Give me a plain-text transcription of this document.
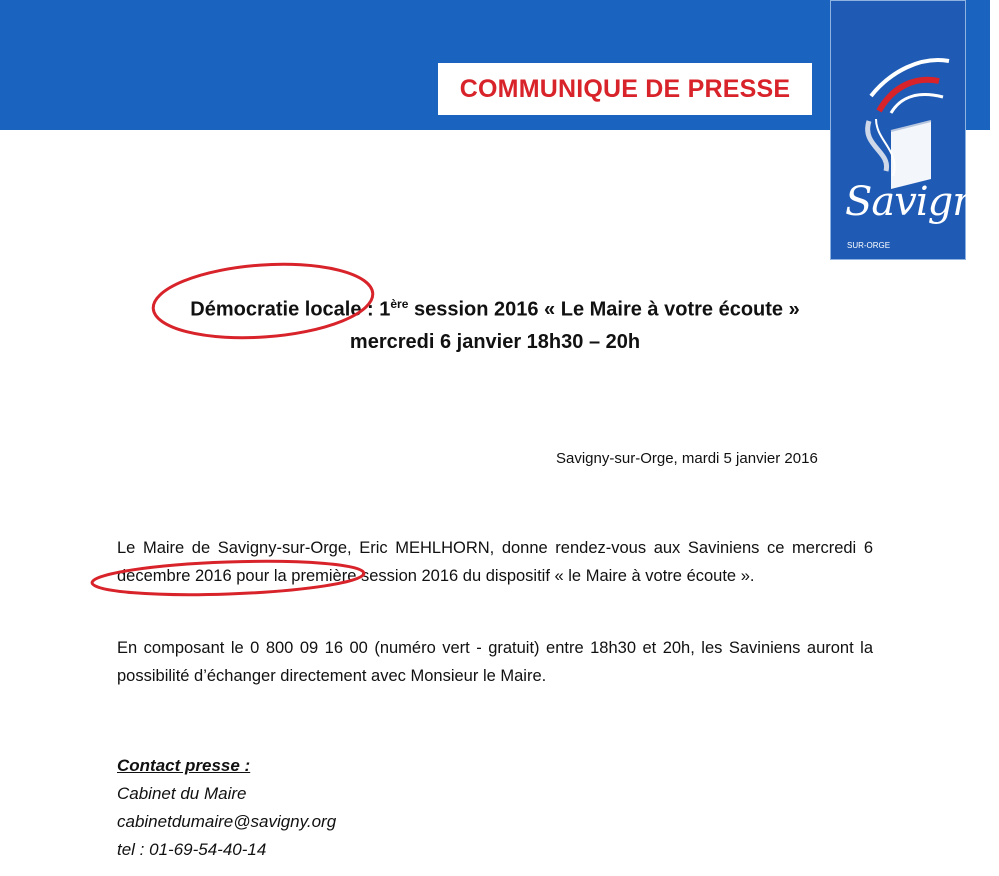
COMMUNIQUE DE PRESSE
Savigny
SUR-ORGE
Démocratie locale : 1ère session 2016 « Le Maire à votre écoute »
mercredi 6 janvier 18h30 – 20h
Savigny-sur-Orge, mardi 5 janvier 2016
Le Maire de Savigny-sur-Orge, Eric MEHLHORN, donne rendez-vous aux Saviniens ce mercredi 6 décembre 2016 pour la première session 2016 du dispositif « le Maire à votre écoute ».
En composant le 0 800 09 16 00 (numéro vert - gratuit) entre 18h30 et 20h, les Saviniens auront la possibilité d’échanger directement avec Monsieur le Maire.
Contact presse :
Cabinet du Maire
cabinetdumaire@savigny.org
tel : 01-69-54-40-14
